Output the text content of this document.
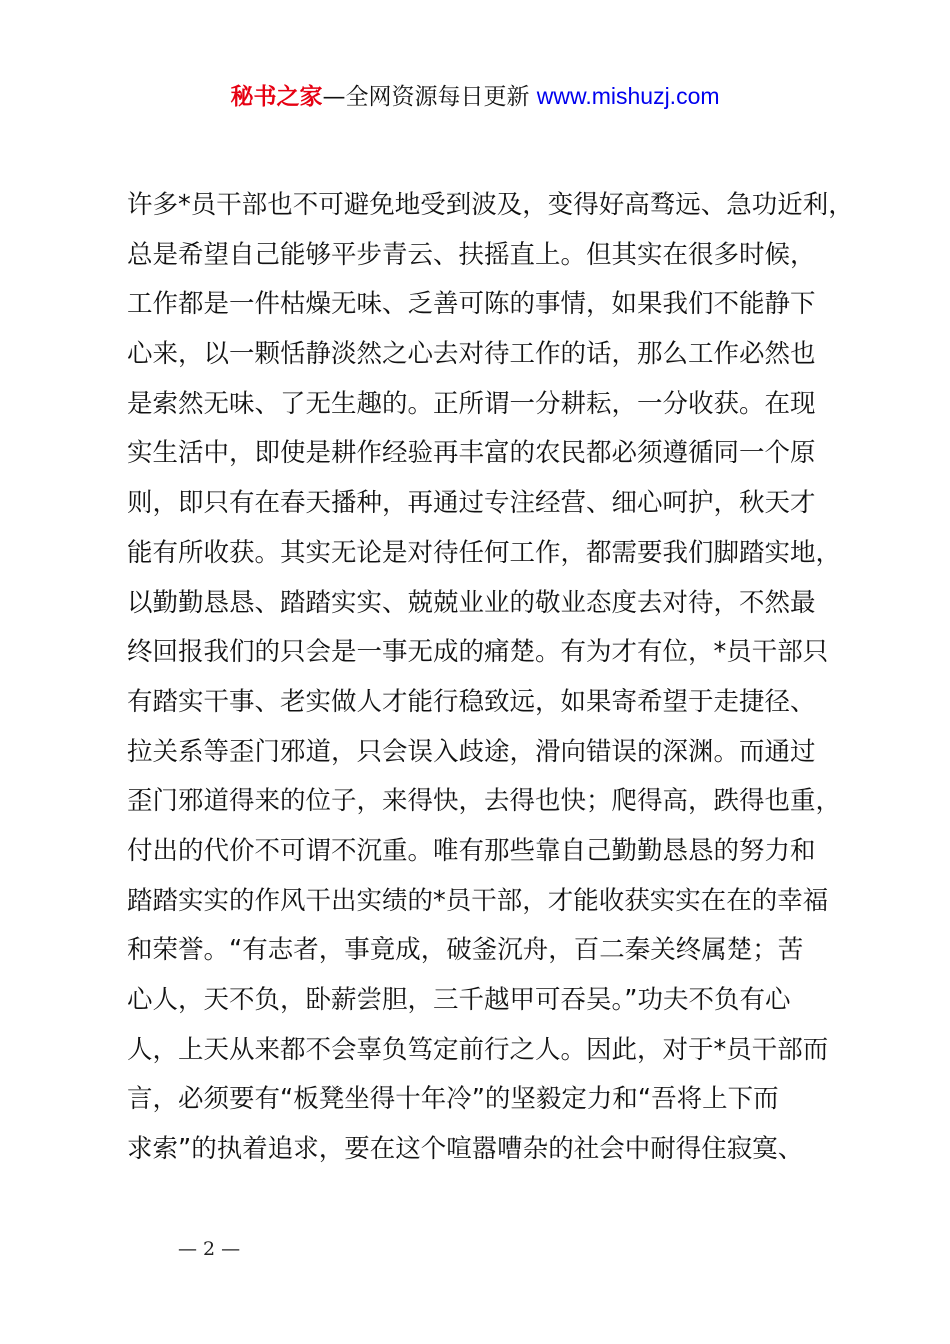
秘书之家—全网资源每日更新 www.mishuzj.com
许多*员干部也不可避免地受到波及，变得好高骛远、急功近利，
总是希望自己能够平步青云、扶摇直上。但其实在很多时候，
工作都是一件枯燥无味、乏善可陈的事情，如果我们不能静下
心来，以一颗恬静淡然之心去对待工作的话，那么工作必然也
是索然无味、了无生趣的。正所谓一分耕耘，一分收获。在现
实生活中，即使是耕作经验再丰富的农民都必须遵循同一个原
则，即只有在春天播种，再通过专注经营、细心呵护，秋天才
能有所收获。其实无论是对待任何工作，都需要我们脚踏实地，
以勤勤恳恳、踏踏实实、兢兢业业的敬业态度去对待，不然最
终回报我们的只会是一事无成的痛楚。有为才有位，*员干部只
有踏实干事、老实做人才能行稳致远，如果寄希望于走捷径、
拉关系等歪门邪道，只会误入歧途，滑向错误的深渊。而通过
歪门邪道得来的位子，来得快，去得也快；爬得高，跌得也重，
付出的代价不可谓不沉重。唯有那些靠自己勤勤恳恳的努力和
踏踏实实的作风干出实绩的*员干部，才能收获实实在在的幸福
和荣誉。“有志者，事竟成，破釜沉舟，百二秦关终属楚；苦
心人，天不负，卧薪尝胆，三千越甲可吞吴。”功夫不负有心
人，上天从来都不会辜负笃定前行之人。因此，对于*员干部而
言，必须要有“板凳坐得十年冷”的坚毅定力和“吾将上下而
求索”的执着追求，要在这个喧嚣嘈杂的社会中耐得住寂寞、
— 2 —
